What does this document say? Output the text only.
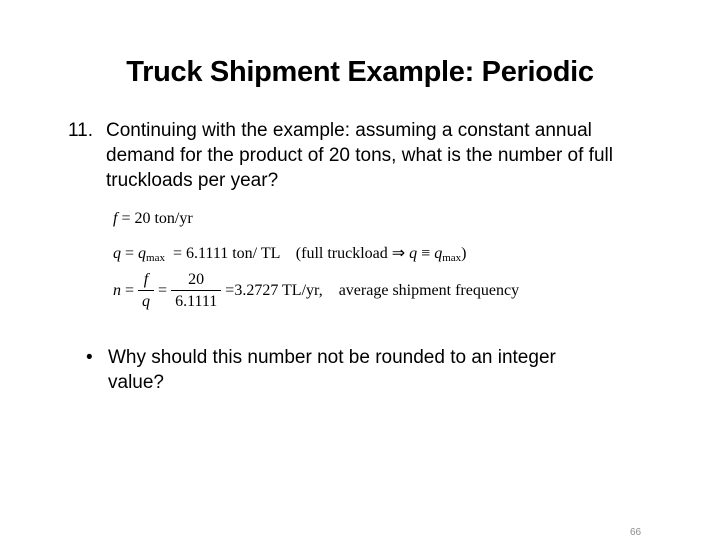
Truck Shipment Example: Periodic
11. Continuing with the example: assuming a constant annual demand for the product of 20 tons, what is the number of full truckloads per year?
f = 20 ton/yr
q = qmax = 6.1111 ton/ TL (full truckload ⇒ q ≡ qmax)
$n = \frac{f}{q} = \frac{20}{6.1111} =3.2727$ TL/yr, average shipment frequency
• Why should this number not be rounded to an integer value?
66
